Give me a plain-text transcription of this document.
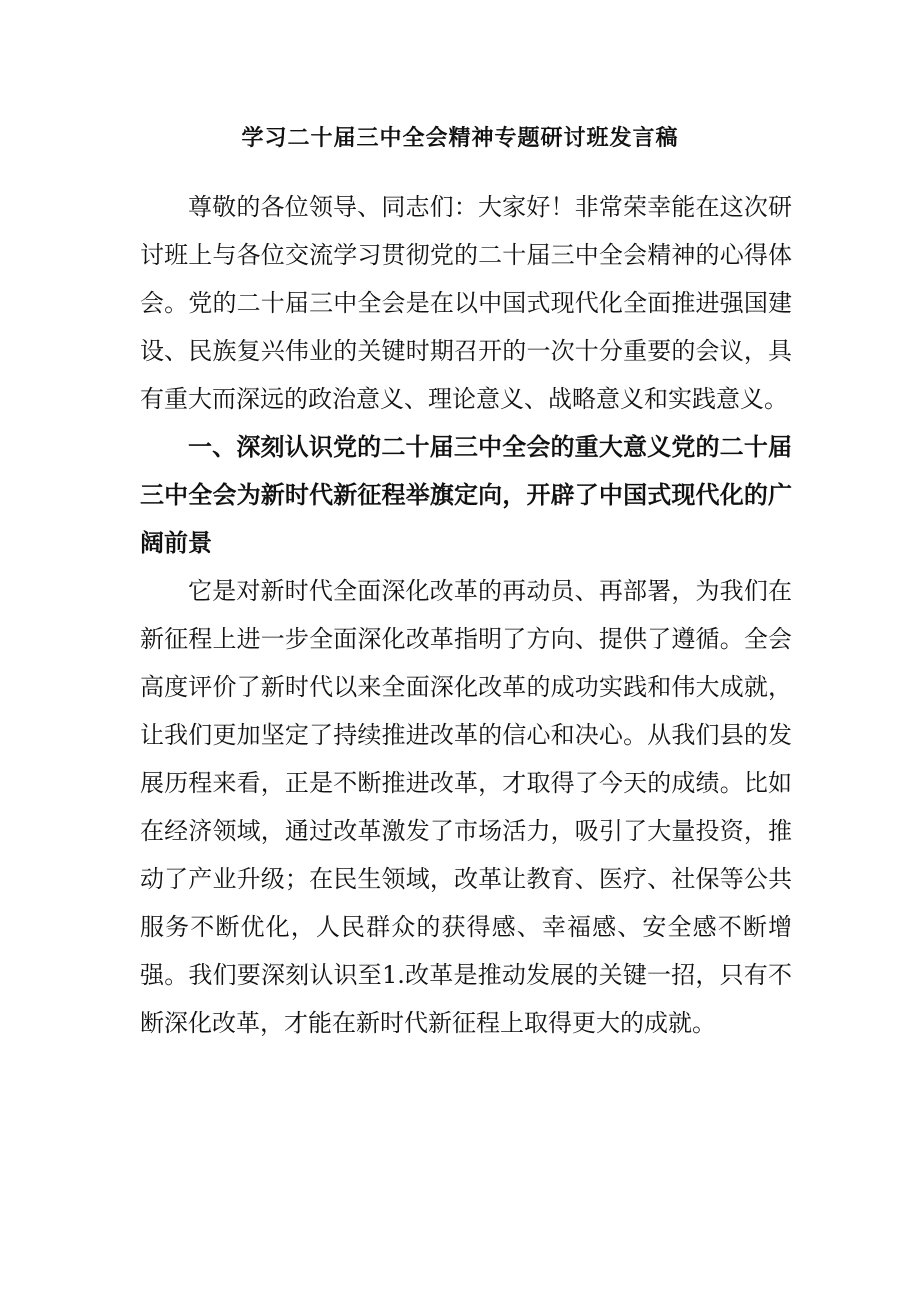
学习二十届三中全会精神专题研讨班发言稿

尊敬的各位领导、同志们：大家好！非常荣幸能在这次研讨班上与各位交流学习贯彻党的二十届三中全会精神的心得体会。党的二十届三中全会是在以中国式现代化全面推进强国建设、民族复兴伟业的关键时期召开的一次十分重要的会议，具有重大而深远的政治意义、理论意义、战略意义和实践意义。

一、深刻认识党的二十届三中全会的重大意义党的二十届三中全会为新时代新征程举旗定向，开辟了中国式现代化的广阔前景

它是对新时代全面深化改革的再动员、再部署，为我们在新征程上进一步全面深化改革指明了方向、提供了遵循。全会高度评价了新时代以来全面深化改革的成功实践和伟大成就，让我们更加坚定了持续推进改革的信心和决心。从我们县的发展历程来看，正是不断推进改革，才取得了今天的成绩。比如在经济领域，通过改革激发了市场活力，吸引了大量投资，推动了产业升级；在民生领域，改革让教育、医疗、社保等公共服务不断优化，人民群众的获得感、幸福感、安全感不断增强。我们要深刻认识至1.改革是推动发展的关键一招，只有不断深化改革，才能在新时代新征程上取得更大的成就。
